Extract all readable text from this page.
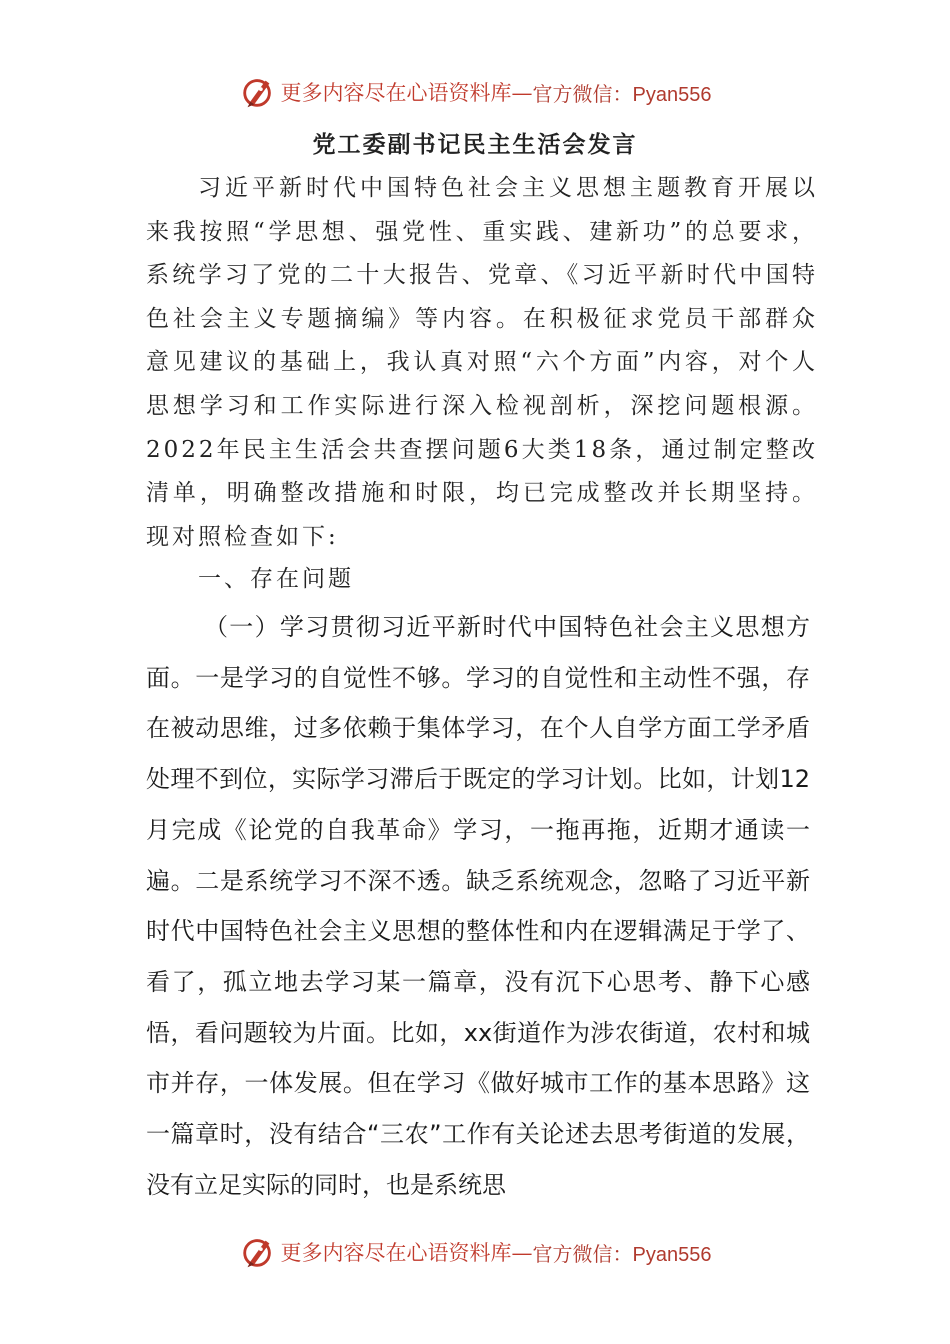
更多内容尽在心语资料库— 官方微信：Pyan556
党工委副书记民主生活会发言

习近平新时代中国特色社会主义思想主题教育开展以来我按照“学思想、强党性、重实践、建新功”的总要求，系统学习了党的二十大报告、党章、《习近平新时代中国特色社会主义专题摘编》等内容。在积极征求党员干部群众意见建议的基础上，我认真对照“六个方面”内容，对个人思想学习和工作实际进行深入检视剖析，深挖问题根源。2022年民主生活会共查摆问题6大类18条，通过制定整改清单，明确整改措施和时限，均已完成整改并长期坚持。现对照检查如下:

一、存在问题

（一）学习贯彻习近平新时代中国特色社会主义思想方面。一是学习的自觉性不够。学习的自觉性和主动性不强，存在被动思维，过多依赖于集体学习，在个人自学方面工学矛盾处理不到位，实际学习滞后于既定的学习计划。比如，计划12月完成《论党的自我革命》学习，一拖再拖，近期才通读一遍。二是系统学习不深不透。缺乏系统观念，忽略了习近平新时代中国特色社会主义思想的整体性和内在逻辑满足于学了、看了，孤立地去学习某一篇章，没有沉下心思考、静下心感悟，看问题较为片面。比如，xx街道作为涉农街道，农村和城市并存，一体发展。但在学习《做好城市工作的基本思路》这一篇章时，没有结合“三农”工作有关论述去思考街道的发展，没有立足实际的同时，也是系统思

更多内容尽在心语资料库— 官方微信：Pyan556
